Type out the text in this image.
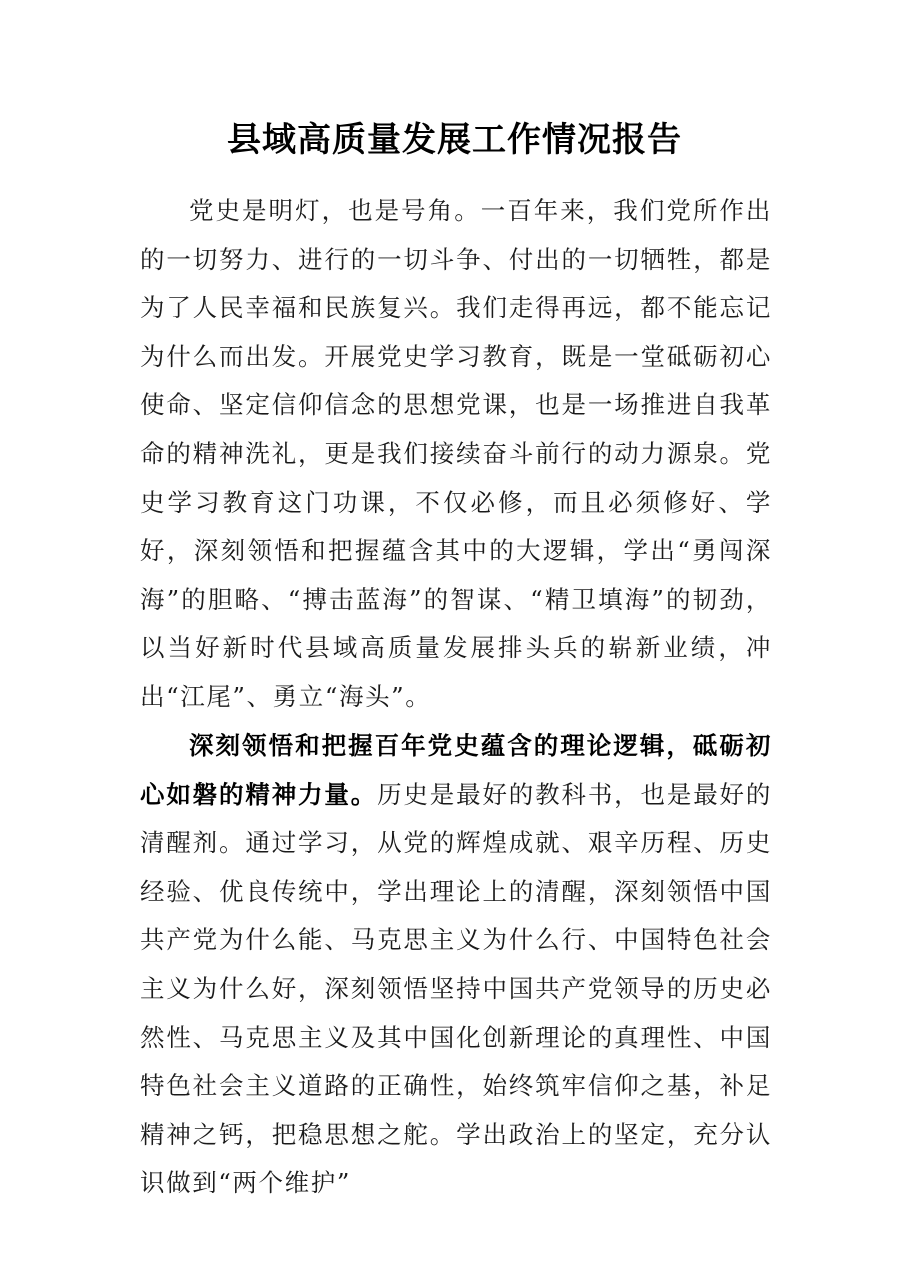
县域高质量发展工作情况报告

党史是明灯，也是号角。一百年来，我们党所作出的一切努力、进行的一切斗争、付出的一切牺牲，都是为了人民幸福和民族复兴。我们走得再远，都不能忘记为什么而出发。开展党史学习教育，既是一堂砥砺初心使命、坚定信仰信念的思想党课，也是一场推进自我革命的精神洗礼，更是我们接续奋斗前行的动力源泉。党史学习教育这门功课，不仅必修，而且必须修好、学好，深刻领悟和把握蕴含其中的大逻辑，学出“勇闯深海”的胆略、“搏击蓝海”的智谋、“精卫填海”的韧劲，以当好新时代县域高质量发展排头兵的崭新业绩，冲出“江尾”、勇立“海头”。

深刻领悟和把握百年党史蕴含的理论逻辑，砥砺初心如磐的精神力量。历史是最好的教科书，也是最好的清醒剂。通过学习，从党的辉煌成就、艰辛历程、历史经验、优良传统中，学出理论上的清醒，深刻领悟中国共产党为什么能、马克思主义为什么行、中国特色社会主义为什么好，深刻领悟坚持中国共产党领导的历史必然性、马克思主义及其中国化创新理论的真理性、中国特色社会主义道路的正确性，始终筑牢信仰之基，补足精神之钙，把稳思想之舵。学出政治上的坚定，充分认识做到“两个维护”
